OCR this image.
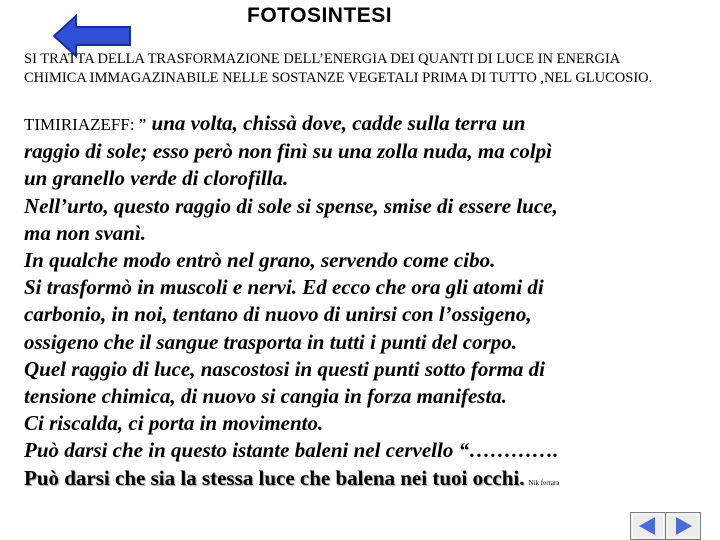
FOTOSINTESI

SI TRATTA DELLA TRASFORMAZIONE DELL’ENERGIA DEI QUANTI DI LUCE IN ENERGIA CHIMICA IMMAGAZINABILE NELLE SOSTANZE VEGETALI PRIMA DI TUTTO ,NEL GLUCOSIO.

TIMIRIAZEFF: ” una volta, chissà dove, cadde sulla terra un

raggio di sole; esso però non finì su una zolla nuda, ma colpì

un granello verde di clorofilla.

Nell’urto, questo raggio di sole si spense, smise di essere luce,

ma non svanì.

In qualche modo entrò nel grano, servendo come cibo.

Si trasformò in muscoli e nervi. Ed ecco che ora gli atomi di

carbonio, in noi, tentano di nuovo di unirsi con l’ossigeno,

ossigeno che il sangue trasporta in tutti i punti del corpo.

Quel raggio di luce, nascostosi in questi punti sotto forma di

tensione chimica, di nuovo si cangia in forza manifesta.

Ci riscalda, ci porta in movimento.

Può darsi che in questo istante baleni nel cervello “………….

Può darsi che sia la stessa luce che balena nei tuoi occhi. Nik ferrara
